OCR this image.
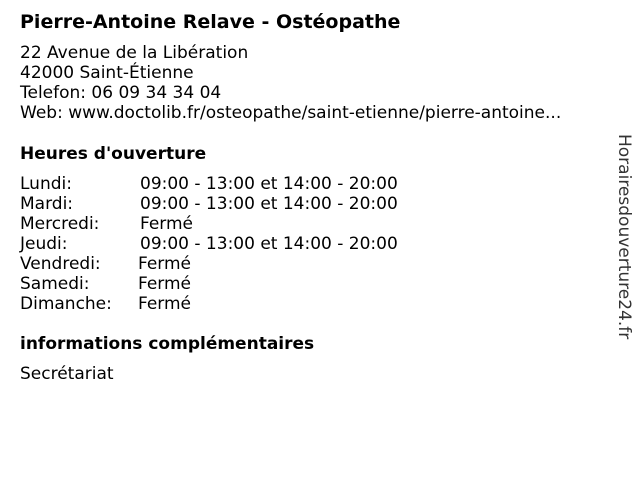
Pierre-Antoine Relave - Ostéopathe
22 Avenue de la Libération
42000 Saint-Étienne
Telefon: 06 09 34 34 04
Web: www.doctolib.fr/osteopathe/saint-etienne/pierre-antoine...
Heures d'ouverture
Lundi:	09:00 - 13:00 et 14:00 - 20:00
Mardi:	09:00 - 13:00 et 14:00 - 20:00
Mercredi: Fermé
Jeudi:	09:00 - 13:00 et 14:00 - 20:00
Vendredi: Fermé
Samedi:	Fermé
Dimanche: Fermé
informations complémentaires
Secrétariat
Horairesdouverture24.fr
